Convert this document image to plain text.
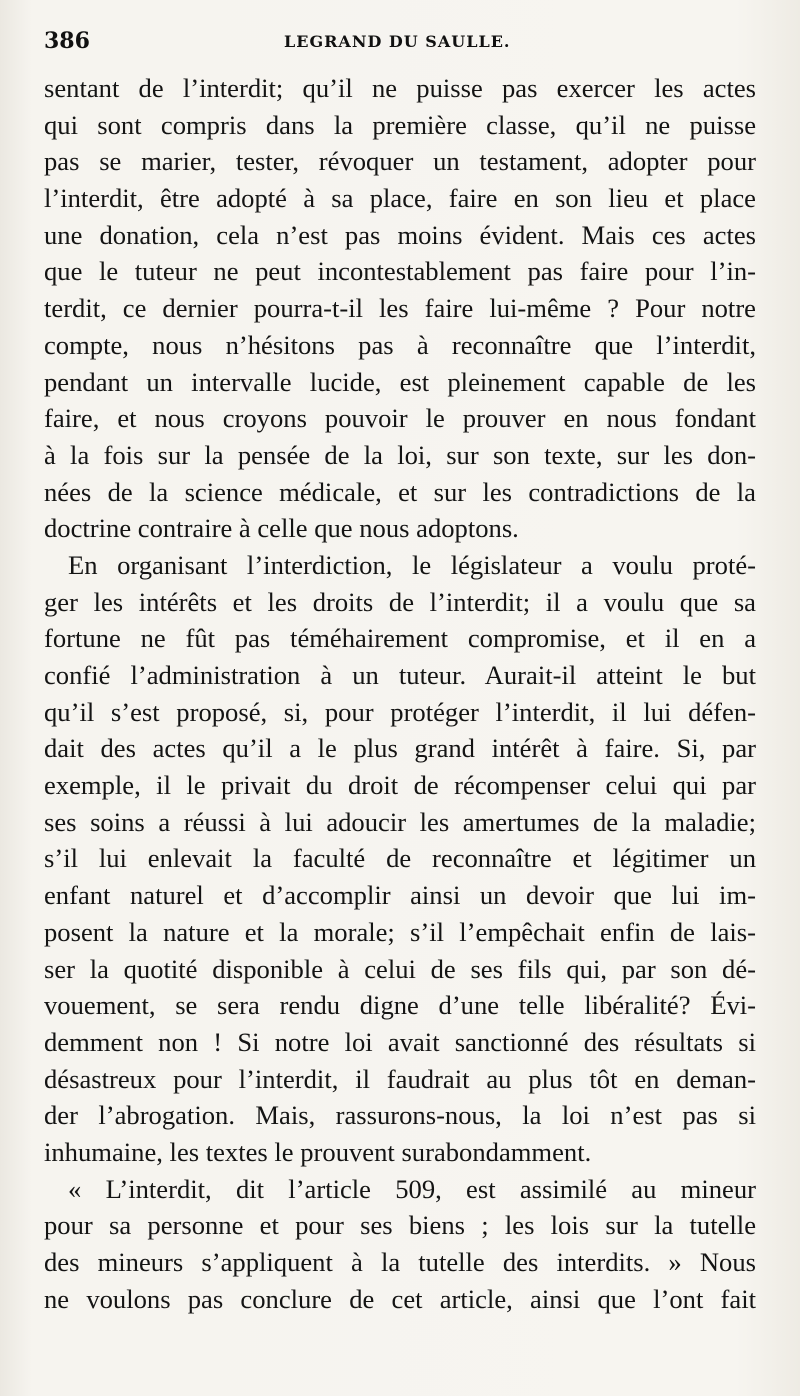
386	LEGRAND DU SAULLE.
sentant de l’interdit; qu’il ne puisse pas exercer les actes
qui sont compris dans la première classe, qu’il ne puisse
pas se marier, tester, révoquer un testament, adopter pour
l’interdit, être adopté à sa place, faire en son lieu et place
une donation, cela n’est pas moins évident. Mais ces actes
que le tuteur ne peut incontestablement pas faire pour l’in-
terdit, ce dernier pourra-t-il les faire lui-même ? Pour notre
compte, nous n’hésitons pas à reconnaître que l’interdit,
pendant un intervalle lucide, est pleinement capable de les
faire, et nous croyons pouvoir le prouver en nous fondant
à la fois sur la pensée de la loi, sur son texte, sur les don-
nées de la science médicale, et sur les contradictions de la
doctrine contraire à celle que nous adoptons.
En organisant l’interdiction, le législateur a voulu proté-
ger les intérêts et les droits de l’interdit; il a voulu que sa
fortune ne fût pas téméhairement compromise, et il en a
confié l’administration à un tuteur. Aurait-il atteint le but
qu’il s’est proposé, si, pour protéger l’interdit, il lui défen-
dait des actes qu’il a le plus grand intérêt à faire. Si, par
exemple, il le privait du droit de récompenser celui qui par
ses soins a réussi à lui adoucir les amertumes de la maladie;
s’il lui enlevait la faculté de reconnaître et légitimer un
enfant naturel et d’accomplir ainsi un devoir que lui im-
posent la nature et la morale; s’il l’empêchait enfin de lais-
ser la quotité disponible à celui de ses fils qui, par son dé-
vouement, se sera rendu digne d’une telle libéralité? Évi-
demment non ! Si notre loi avait sanctionné des résultats si
désastreux pour l’interdit, il faudrait au plus tôt en deman-
der l’abrogation. Mais, rassurons-nous, la loi n’est pas si
inhumaine, les textes le prouvent surabondamment.
« L’interdit, dit l’article 509, est assimilé au mineur
pour sa personne et pour ses biens ; les lois sur la tutelle
des mineurs s’appliquent à la tutelle des interdits. » Nous
ne voulons pas conclure de cet article, ainsi que l’ont fait
